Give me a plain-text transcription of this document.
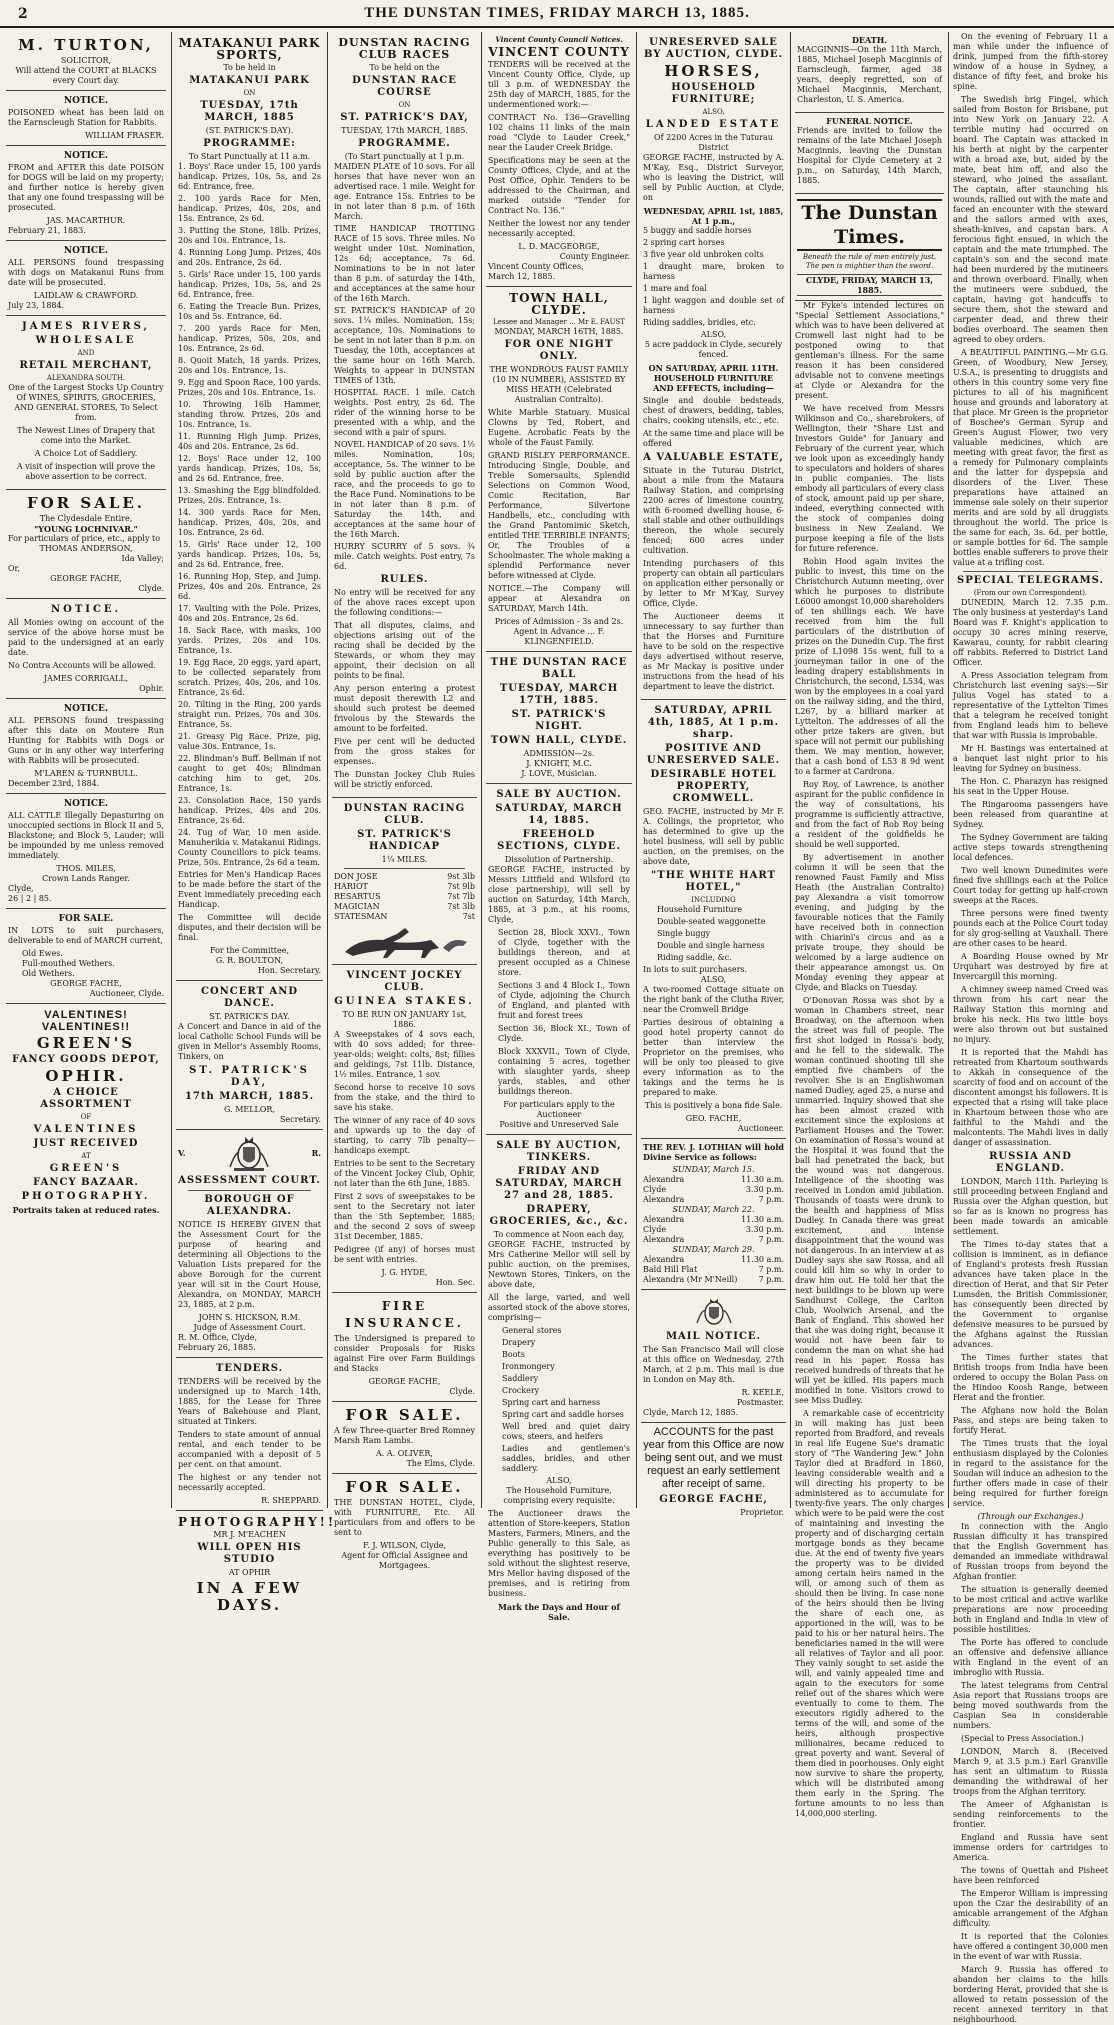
2	THE DUNSTAN TIMES, FRIDAY MARCH 13, 1885.
M. TURTON,
SOLICITOR,
Will attend the COURT at BLACKS
every Court day.
NOTICE.

POISONED wheat has been laid on the Earnscleugh Station for Rabbits.

WILLIAM FRASER.
NOTICE.

FROM and AFTER this date POISON for DOGS will be laid on my property; and further notice is hereby given that any one found trespassing will be prosecuted.

JAS. MACARTHUR.
February 21, 1883.
NOTICE.

ALL PERSONS found trespassing with dogs on Matakanui Runs from date will be prosecuted.

LAIDLAW & CRAWFORD.
July 23, 1884.
JAMES RIVERS,
WHOLESALE
AND
RETAIL MERCHANT,
ALEXANDRA SOUTH.

One of the Largest Stocks Up Country Of WINES, SPIRITS, GROCERIES, AND GENERAL STORES, To Select from.

The Newest Lines of Drapery that come into the Market.

A Choice Lot of Saddlery.

A visit of inspection will prove the above assertion to be correct.

FOR SALE.
The Clydesdale Entire,
"YOUNG LOCHNIVAR."
For particulars of price, etc., apply to
THOMAS ANDERSON,
Ida Valley;
Or,
GEORGE FACHE,
Clyde.
NOTICE.

All Monies owing on account of the service of the above horse must be paid to the undersigned at an early date.

No Contra Accounts will be allowed.

JAMES CORRIGALL,
Ophir.
NOTICE.

ALL PERSONS found trespassing after this date on Moutere Run Hunting for Rabbits with Dogs or Guns or in any other way interfering with Rabbits will be prosecuted.

M'LAREN & TURNBULL.
December 23rd, 1884.
NOTICE.

ALL CATTLE Illegally Depasturing on unoccupied sections in Block II and 5, Blackstone; and Block 5, Lauder; will be impounded by me unless removed immediately.

THOS. MILES,
Crown Lands Ranger.
Clyde,
26 | 2 | 85.
FOR SALE.

IN LOTS to suit purchasers, deliverable to end of MARCH current,

Old Ewes.
Full-mouthed Wethers.
Old Wethers.
GEORGE FACHE,
Auctioneer, Clyde.
VALENTINES! VALENTINES!!
GREEN'S
FANCY GOODS DEPOT,
OPHIR.
A CHOICE ASSORTMENT
OF
VALENTINES
JUST RECEIVED
AT
GREEN'S
FANCY BAZAAR.
PHOTOGRAPHY.
Portraits taken at reduced rates.
MATAKANUI PARK SPORTS,
To be held in
MATAKANUI PARK
ON
TUESDAY, 17th MARCH, 1885
(ST. PATRICK'S DAY).
PROGRAMME:
To Start Punctually at 11 a.m.
1. Boys' Race under 15, 100 yards handicap. Prizes, 10s, 5s, and 2s 6d. Entrance, free.
2. 100 yards Race for Men, handicap. Prizes, 40s, 20s, and 15s. Entrance, 2s 6d.
3. Putting the Stone, 18lb. Prizes, 20s and 10s. Entrance, 1s.
4. Running Long Jump. Prizes, 40s and 20s. Entrance, 2s 6d.
5. Girls' Race under 15, 100 yards handicap. Prizes, 10s, 5s, and 2s 6d. Entrance, free.
6. Eating the Treacle Bun. Prizes, 10s and 5s. Entrance, 6d.
7. 200 yards Race for Men, handicap. Prizes, 50s, 20s, and 10s. Entrance, 2s 6d.
8. Quoit Match, 18 yards. Prizes, 20s and 10s. Entrance, 1s.
9. Egg and Spoon Race, 100 yards. Prizes, 20s and 10s. Entrance, 1s.
10. Throwing 16lb Hammer, standing throw. Prizes, 20s and 10s. Entrance, 1s.
11. Running High Jump. Prizes, 40s and 20s. Entrance, 2s 6d.
12. Boys' Race under 12, 100 yards handicap. Prizes, 10s, 5s, and 2s 6d. Entrance, free.
13. Smashing the Egg blindfolded. Prizes, 20s. Entrance, 1s.
14. 300 yards Race for Men, handicap. Prizes, 40s, 20s, and 10s. Entrance, 2s 6d.
15. Girls' Race under 12, 100 yards handicap. Prizes, 10s, 5s, and 2s 6d. Entrance, free.
16. Running Hop, Step, and Jump. Prizes, 40s and 20s. Entrance, 2s 6d.
17. Vaulting with the Pole. Prizes, 40s and 20s. Entrance, 2s 6d.
18. Sack Race, with masks, 100 yards. Prizes, 20s and 10s. Entrance, 1s.
19. Egg Race, 20 eggs, yard apart, to be collected separately from scratch. Prizes, 40s, 20s, and 10s. Entrance, 2s 6d.
20. Tilting in the Ring, 200 yards straight run. Prizes, 70s and 30s. Entrance, 5s.
21. Greasy Pig Race. Prize, pig, value 30s. Entrance, 1s.
22. Blindman's Buff. Bellman if not caught to get 40s; Blindman catching him to get, 20s. Entrance, 1s.
23. Consolation Race, 150 yards handicap. Prizes, 40s and 20s. Entrance, 2s 6d.
24. Tug of War, 10 men aside. Manuherikia v. Matakanui Ridings. County Councillors to pick teams. Prize, 50s. Entrance, 2s 6d a team.

Entries for Men's Handicap Races to be made before the start of the Event immediately preceding each Handicap.

The Committee will decide disputes, and their decision will be final.

For the Committee,
G. R. BOULTON,
Hon. Secretary.
CONCERT AND DANCE.
ST. PATRICK'S DAY.

A Concert and Dance in aid of the local Catholic School Funds will be given in Mellor's Assembly Rooms, Tinkers, on

ST. PATRICK'S DAY,
17th MARCH, 1885.
G. MELLOR,
Secretary.
V.	R.
ASSESSMENT COURT.
BOROUGH OF ALEXANDRA.

NOTICE IS HEREBY GIVEN that the Assessment Court for the purpose of hearing and determining all Objections to the Valuation Lists prepared for the above Borough for the current year will sit in the Court House, Alexandra, on MONDAY, MARCH 23, 1885, at 2 p.m.

JOHN S. HICKSON, R.M.
Judge of Assessment Court.
R. M. Office, Clyde,
February 26, 1885.
TENDERS.

TENDERS will be received by the undersigned up to March 14th, 1885, for the Lease for Three Years of Bakehouse and Plant, situated at Tinkers.

Tenders to state amount of annual rental, and each tender to be accompanied with a deposit of 5 per cent. on that amount.

The highest or any tender not necessarily accepted.

R. SHEPPARD.
PHOTOGRAPHY!!
MR J. M'EACHEN
WILL OPEN HIS STUDIO
AT OPHIR
IN A FEW DAYS.
DUNSTAN RACING CLUB RACES
To be held on the
DUNSTAN RACE COURSE
ON
ST. PATRICK'S DAY,
TUESDAY, 17th MARCH, 1885.
PROGRAMME.
(To Start punctually at 1 p.m.
MAIDEN PLATE of 10 sovs. For all horses that have never won an advertised race. 1 mile. Weight for age. Entrance 15s. Entries to be in not later than 8 p.m. of 16th March.
TIME HANDICAP TROTTING RACE of 15 sovs. Three miles. No weight under 10st. Nomination, 12s 6d; acceptance, 7s 6d. Nominations to be in not later than 8 p.m. of saturday the 14th, and acceptances at the same hour of the 16th March.
ST. PATRICK'S HANDICAP of 20 sovs. 1¼ miles. Nomination, 15s; acceptance, 10s. Nominations to be sent in not later than 8 p.m. on Tuesday, the 10th, acceptances at the same hour on 16th March. Weights to appear in DUNSTAN TIMES of 13th.
HOSPITAL RACE. 1 mile. Catch weights. Post entry, 2s 6d. The rider of the winning horse to be presented with a whip, and the second with a pair of spurs.
NOVEL HANDICAP of 20 sovs. 1½ miles. Nomination, 10s; acceptance, 5s. The winner to be sold by public auction after the race, and the proceeds to go to the Race Fund. Nominations to be in not later than 8 p.m. of Saturday the 14th, and acceptances at the same hour of the 16th March.
HURRY SCURRY of 5 sovs. ¾ mile. Catch weights. Post entry, 7s 6d.
RULES.

No entry will be received for any of the above races except upon the following conditions:—

That all disputes, claims, and objections arising out of the racing shall be decided by the Stewards, or whom they may appoint, their decision on all points to be final.

Any person entering a protest must deposit therewith L2 and should such protest be deemed frivolous by the Stewards the amount to be forfeited.

Five per cent will be deducted from the gross stakes for expenses.

The Dunstan Jockey Club Rules will be strictly enforced.

DUNSTAN RACING CLUB.
ST. PATRICK'S HANDICAP
1¼ MILES.
DON JOSE	9st 3lb
HARIOT	7st 9lb
RESARTUS	7st 7lb
MAGICIAN	7st 3lb
STATESMAN	7st
VINCENT JOCKEY CLUB.
GUINEA STAKES.
TO BE RUN ON JANUARY 1st, 1886.

A Sweepstakes of 4 sovs each, with 40 sovs added; for three-year-olds; weight: colts, 8st; fillies and geldings, 7st 11lb. Distance, 1½ miles. Entrance, 1 sov.

Second horse to receive 10 sovs from the stake, and the third to save his stake.

The winner of any race of 40 sovs and upwards up to the day of starting, to carry 7lb penalty—handicaps exempt.

Entries to be sent to the Secretary of the Vincent Jockey Club, Ophir, not later than the 6th June, 1885.

First 2 sovs of sweepstakes to be sent to the Secretary not later than the 5th September, 1885; and the second 2 sovs of sweep 31st December, 1885.

Pedigree (if any) of horses must be sent with entries.

J. G. HYDE,
Hon. Sec.
FIRE INSURANCE.

The Undersigned is prepared to consider Proposals for Risks against Fire over Farm Buildings and Stacks

GEORGE FACHE,
Clyde.
FOR SALE.

A few Three-quarter Bred Romney Marsh Ram Lambs.

A. A. OLIVER,
The Elms, Clyde.
FOR SALE.

THE DUNSTAN HOTEL, Clyde, with FURNITURE, Etc. All particulars from and offers to be sent to

F. J. WILSON, Clyde,
Agent for Official Assignee and Mortgagees.
Vincent County Council Notices.
VINCENT COUNTY

TENDERS will be received at the Vincent County Office, Clyde, up till 3 p.m. of WEDNESDAY the 25th day of MARCH, 1885, for the undermentioned work:—

CONTRACT No. 136—Gravelling 102 chains 11 links of the main road "Clyde to Lauder Creek," near the Lauder Creek Bridge.

Specifications may be seen at the County Offices, Clyde, and at the Post Office, Ophir. Tenders to be addressed to the Chairman, and marked outside "Tender for Contract No. 136."

Neither the lowest nor any tender necessarily accepted.

L. D. MACGEORGE,
County Engineer.
Vincent County Offices,
March 12, 1885.
TOWN HALL, CLYDE.
Lessee and Manager ... Mr E. FAUST
MONDAY, MARCH 16TH, 1885.
FOR ONE NIGHT ONLY.

THE WONDROUS FAUST FAMILY (10 IN NUMBER), ASSISTED BY MISS HEATH (Celebrated Australian Contralto).

White Marble Statuary. Musical Clowns by Ted, Robert, and Eugene. Acrobatic Feats by the whole of the Faust Family.

GRAND RISLEY PERFORMANCE. Introducing Single, Double, and Treble Somersaults, Splendid Selections on Common Wood, Comic Recitation, Bar Performance, Silvertone Handbells, etc., concluding with the Grand Pantomimic Sketch, entitled THE TERRIBLE INFANTS; Or, The Troubles of a Schoolmaster. The whole making a splendid Performance never before witnessed at Clyde.

NOTICE.—The Company will appear at Alexandra on SATURDAY, March 14th.

Prices of Admission - 3s and 2s.
Agent in Advance ... F. KLINGENFIELD.
THE DUNSTAN RACE BALL
TUESDAY, MARCH 17TH, 1885.
ST. PATRICK'S NIGHT.
TOWN HALL, CLYDE.
ADMISSION—2s.
J. KNIGHT, M.C.
J. LOVE, Musician.
SALE BY AUCTION.
SATURDAY, MARCH 14, 1885.
FREEHOLD SECTIONS, CLYDE.
Dissolution of Partnership.

GEORGE FACHE, instructed by Messrs Littfield and Wilsford (to close partnership), will sell by auction on Saturday, 14th March, 1885, at 3 p.m., at his rooms, Clyde,

Section 28, Block XXVI., Town of Clyde, together with the buildings thereon, and at present occupied as a Chinese store.

Sections 3 and 4 Block I., Town of Clyde, adjoining the Church of England, and planted with fruit and forest trees

Section 36, Block XI., Town of Clyde.

Block XXXVII., Town of Clyde, containing 5 acres, together with slaughter yards, sheep yards, stables, and other buildings thereon.

For particulars apply to the Auctioneer
Positive and Unreserved Sale
SALE BY AUCTION, TINKERS.
FRIDAY AND SATURDAY, MARCH 27 and 28, 1885.
DRAPERY, GROCERIES, &c., &c.
To commence at Noon each day,

GEORGE FACHE, instructed by Mrs Catherine Mellor will sell by public auction, on the premises, Newtown Stores, Tinkers, on the above date,

All the large, varied, and well assorted stock of the above stores, comprising—

General stores
Drapery
Boots
Ironmongery
Saddlery
Crockery
Spring cart and harness
Spring cart and saddle horses
Well bred and quiet dairy cows, steers, and heifers
Ladies and gentlemen's saddles, bridles, and other saddlery.
ALSO,

The Household Furniture, comprising every requisite.

The Auctioneer draws the attention of Store-keepers, Station Masters, Farmers, Miners, and the Public generally to this Sale, as everything has positively to be sold without the slightest reserve, Mrs Mellor having disposed of the premises, and is retiring from business.

Mark the Days and Hour of Sale.
UNRESERVED SALE BY AUCTION, CLYDE.
HORSES,
HOUSEHOLD FURNITURE;
ALSO,
LANDED ESTATE
Of 2200 Acres in the Tuturau District

GEORGE FACHE, instructed by A. M'Kay, Esq., District Surveyor, who is leaving the District, will sell by Public Auction, at Clyde, on

WEDNESDAY, APRIL 1st, 1885, At 1 p.m.,
5 buggy and saddle horses
2 spring cart horses
3 five year old unbroken colts
1 draught mare, broken to harness
1 mare and foal
1 light waggon and double set of harness
Riding saddles, bridles, etc.
ALSO,

5 acre paddock in Clyde, securely fenced.

ON SATURDAY, APRIL 11TH. HOUSEHOLD FURNITURE AND EFFECTS, including—

Single and double bedsteads, chest of drawers, bedding, tables, chairs, cooking utensils, etc., etc.

At the same time and place will be offered

A VALUABLE ESTATE,

Situate in the Tuturau District, about a mile from the Mataura Railway Station, and comprising 2200 acres of limestone country, with 6-roomed dwelling house, 6-stall stable and other outbuildings thereon, the whole securely fenced; 600 acres under cultivation.

Intending purchasers of this property can obtain all particulars on application either personally or by letter to Mr M'Kay, Survey Office, Clyde.

The Auctioneer deems it unnecessary to say further than that the Horses and Furniture have to be sold on the respective days advertised without reserve, as Mr Mackay is positive under instructions from the head of his department to leave the district.

SATURDAY, APRIL 4th, 1885, At 1 p.m. sharp.
POSITIVE AND UNRESERVED SALE.
DESIRABLE HOTEL PROPERTY, CROMWELL.

GEO. FACHE, instructed by Mr F. A. Collings, the proprietor, who has determined to give up the hotel business, will sell by public auction, on the premises, on the above date,

"THE WHITE HART HOTEL,"
INCLUDING
Household Furniture
Double-seated waggonette
Single buggy
Double and single harness
Riding saddle, &c.
In lots to suit purchasers.
ALSO,

A two-roomed Cottage situate on the right bank of the Clutha River, near the Cromwell Bridge

Parties desirous of obtaining a good hotel property cannot do better than interview the Proprietor on the premises, who will be only too pleased to give every information as to the takings and the terms he is prepared to make.

This is positively a bona fide Sale.

GEO. FACHE,
Auctioneer.

THE REV. J. LOTHIAN will hold Divine Service as follows:

SUNDAY, March 15.
Alexandra	11.30 a.m.
Clyde	3.30 p.m.
Alexandra	7 p.m.
SUNDAY, March 22.
Alexandra	11.30 a.m.
Clyde	3.30 p.m.
Alexandra	7 p.m.
SUNDAY, March 29.
Alexandra	11.30 a.m.
Bald Hill Flat	7 p.m.
Alexandra (Mr M'Neill)	7 p.m.
MAIL NOTICE.

The San Francisco Mail will close at this office on Wednesday, 27th March, at 2 p.m. This mail is due in London on May 8th.

R. KEELE,
Postmaster.
Clyde, March 12, 1885.

ACCOUNTS for the past year from this Office are now being sent out, and we must request an early settlement after receipt of same.

GEORGE FACHE,
Proprietor.
DEATH.

MACGINNIS—On the 11th March, 1885, Michael Joseph Macginnis of Earnscleugh, farmer, aged 38 years, deeply regretted, son of Michael Macginnis, Merchant, Charleston, U. S. America.

FUNERAL NOTICE.

Friends are invited to follow the remains of the late Michael Joseph Macginnis, leaving the Dunstan Hospital for Clyde Cemetery at 2 p.m., on Saturday, 14th March, 1885.

The Dunstan Times.
Beneath the rule of men entirely just,
The pen is mightier than the sword.
CLYDE, FRIDAY, MARCH 13, 1885.

Mr Fyke's intended lectures on "Special Settlement Associations," which was to have been delivered at Cromwell last night had to be postponed owing to that gentleman's illness. For the same reason it has been considered advisable not to convene meetings at Clyde or Alexandra for the present.

We have received from Messrs Wilkinson and Co., sharebrokers, of Wellington, their "Share List and Investors Guide" for January and February of the current year, which we look upon as exceedingly handy to speculators and holders of shares in public companies. The lists embody all particulars of every class of stock, amount paid up per share, indeed, everything connected with the stock of companies doing business in New Zealand. We purpose keeping a file of the lists for future reference.

Robin Hood again invites the public to invest, this time on the Christchurch Autumn meeting, over which he purposes to distribute L6000 amongst 10,000 shareholders of ten shillings each. We have received from him the full particulars of the distribution of prizes on the Dunedin Cup. The first prize of L1098 15s went, full to a journeyman tailor in one of the leading drapery establishments in Christchurch, the second, L534, was won by the employees in a coal yard on the railway siding, and the third, L267, by a billiard marker at Lyttelton. The addresses of all the other prize takers are given, but space will not permit our publishing them. We may mention, however, that a cash bond of L53 8 9d went to a farmer at Cardrona.

Roy Roy, of Lawrence, is another aspirant for the public confidence in the way of consultations, his programme is sufficiently attractive, and from the fact of Rob Roy being a resident of the goldfields he should be well supported.

By advertisement in another column it will be seen that the renowned Faust Family and Miss Heath (the Australian Contralto) pay Alexandra a visit tomorrow evening, and judging by the favourable notices that the Family have received both in connection with Chiarini's circus and as a private troupe, they should be welcomed by a large audience on their appearance amongst us. On Monday evening they appear at Clyde, and Blacks on Tuesday.

O'Donovan Rossa was shot by a woman in Chambers street, near Broadway, on the afternoon when the street was full of people. The first shot lodged in Rossa's body, and he fell to the sidewalk. The woman continued shooting till she emptied five chambers of the revolver. She is an Englishwoman named Dudley, aged 25, a nurse and unmarried. Inquiry showed that she has been almost crazed with excitement since the explosions at Parliament Houses and the Tower. On examination of Rossa's wound at the Hospital it was found that the ball had penetrated the back, but the wound was not dangerous. Intelligence of the shooting was received in London amid jubilation. Thousands of toasts were drunk to the health and happiness of Miss Dudley. In Canada there was great excitement, and intense disappointment that the wound was not dangerous. In an interview at as Dudley says she saw Rossa, and all could kill him so why in order to draw him out. He told her that the next buildings to be blown up were Sandhurst College, the Carlton Club, Woolwich Arsenal, and the Bank of England. This showed her that she was doing right, because it would not have been fair to condemn the man on what she had read in his paper. Rossa has received hundreds of threats that he will yet be killed. His papers much modified in tone. Visitors crowd to see Miss Dudley.

A remarkable case of eccentricity in will making has just been reported from Bradford, and reveals in real life Eugene Sue's dramatic story of "The Wandering Jew." John Taylor died at Bradford in 1860, leaving considerable wealth and a will directing his property to be administered as to accumulate for twenty-five years. The only charges which were to be paid were the cost of maintaining and investing the property and of discharging certain mortgage bonds as they became due. At the end of twenty five years the property was to be divided among certain heirs named in the will, or among such of them as should then be living. In case none of the heirs should then be living the share of each one, as apportioned in the will, was to be paid to his or her natural heirs. The beneficiaries named in the will were all relatives of Taylor and all poor. They vainly sought to set aside the will, and vainly appealed time and again to the executors for some relief out of the shares which were eventually to come to them. The executors rigidly adhered to the terms of the will, and some of the heirs, although prospective millionaires, became reduced to great poverty and want. Several of them died in poorhouses. Only eight now survive to share the property, which will be distributed among them early in the Spring. The fortune amounts to no less than 14,000,000 sterling.

On the evening of February 11 a man while under the influence of drink, jumped from the fifth-storey window of a house in Sydney, a distance of fifty feet, and broke his spine.

The Swedish brig Fingel, which sailed from Boston for Brisbane, put into New York on January 22. A terrible mutiny had occurred on board. The Captain was attacked in his berth at night by the carpenter with a broad axe, but, aided by the mate, beat him off, and also the steward, who joined the assailant. The captain, after staunching his wounds, rallied out with the mate and faced an encounter with the steward and the sailors armed with axes, sheath-knives, and capstan bars. A ferocious fight ensued, in which the captain and the mate triumphed. The captain's son and the second mate had been murdered by the mutineers and thrown overboard. Finally, when the mutineers were subdued, the captain, having got handcuffs to secure them, shot the steward and carpenter dead, and threw their bodies overboard. The seamen then agreed to obey orders.

A BEAUTIFUL PAINTING.—Mr G.G. Green, of Woodbury, New Jersey, U.S.A., is presenting to druggists and others in this country some very fine pictures to all of his magnificent house and grounds and laboratory at that place. Mr Green is the proprietor of Boschee's German Syrup and Green's August Flower, two very valuable medicines, which are meeting with great favor, the first as a remedy for Pulmonary complaints and the latter for dyspepsia and disorders of the Liver. These preparations have attained an immense sale solely on their superior merits and are sold by all druggists throughout the world. The price is the same for each, 3s. 6d. per bottle, or sample bottles for 6d. The sample bottles enable sufferers to prove their value at a trifling cost.

SPECIAL TELEGRAMS.
(From our own Correspondent).

DUNEDIN, March 12. 7.35 p.m. The only business at yesterday's Land Board was F. Knight's application to occupy 30 acres mining reserve, Kawarau, county, for rabbit clearing off rabbits. Referred to District Land Officer.

A Press Association telegram from Christchurch last evening says:—Sir Julius Vogel has stated to a representative of the Lyttelton Times that a telegram he received tonight from England leads him to believe that war with Russia is improbable.

Mr H. Bastings was entertained at a banquet last night prior to his leaving for Sydney on business.

The Hon. C. Pharazyn has resigned his seat in the Upper House.

The Ringarooma passengers have been released from quarantine at Sydney.

The Sydney Government are taking active steps towards strengthening local defences.

Two well known Dunedinites were fined five shillings each at the Police Court today for getting up half-crown sweeps at the Races.

Three persons were fined twenty pounds each at the Police Court today for sly grog-selling at Vauxhall. There are other cases to be heard.

A Boarding House owned by Mr Urquhart was destroyed by fire at Invercargill this morning.

A chimney sweep named Creed was thrown from his cart near the Railway Station this morning and broke his neck. His two little boys were also thrown out but sustained no injury.

It is reported that the Mahdi has retreated from Khartoum southwards to Akkah in consequence of the scarcity of food and on account of the discontent amongst his followers. It is expected that a rising will take place in Khartoum between those who are faithful to the Mahdi and the malcontents. The Mahdi lives in daily danger of assassination.

RUSSIA AND ENGLAND.

LONDON, March 11th. Parleying is still proceeding between England and Russia over the Afghan question, but so far as is known no progress has been made towards an amicable settlement.

The Times to-day states that a collision is imminent, as in defiance of England's protests fresh Russian advances have taken place in the direction of Herat, and that Sir Peter Lumsden, the British Commissioner, has consequently been directed by the Government to organise defensive measures to be pursued by the Afghans against the Russian advances.

The Times further states that British troops from India have been ordered to occupy the Bolan Pass on the Hindoo Koosh Range, between Herat and the frontier.

The Afghans now hold the Bolan Pass, and steps are being taken to fortify Herat.

The Times trusts that the loyal enthusiasm displayed by the Colonies in regard to the assistance for the Soudan will induce an adhesion to the further offers made in case of their being required for further foreign service.

(Through our Exchanges.)

In connection with the Anglo Russian difficulty it has transpired that the English Government has demanded an immediate withdrawal of Russian troops from beyond the Afghan frontier.

The situation is generally deemed to be most critical and active warlike preparations are now proceeding both in England and India in view of possible hostilities.

The Porte has offered to conclude an offensive and defensive alliance with England in the event of an imbroglio with Russia.

The latest telegrams from Central Asia report that Russians troops are being moved southwards from the Caspian Sea in considerable numbers.

(Special to Press Association.)

LONDON, March 8. (Received March 9, at 3.5 p.m.) Earl Granville has sent an ultimatum to Russia demanding the withdrawal of her troops from the Afghan territory.

The Ameer of Afghanistan is sending reinforcements to the frontier.

England and Russia have sent immense orders for cartridges to America.

The towns of Quettah and Pisheet have been reinforced

The Emperor William is impressing upon the Czar the desirability of an amicable arrangement of the Afghan difficulty.

It is reported that the Colonies have offered a contingent 30,000 men in the event of war with Russia.

March 9. Russia has offered to abandon her claims to the hills bordering Herat, provided that she is allowed to retain possession of the recent annexed territory in that neighbourhood.
